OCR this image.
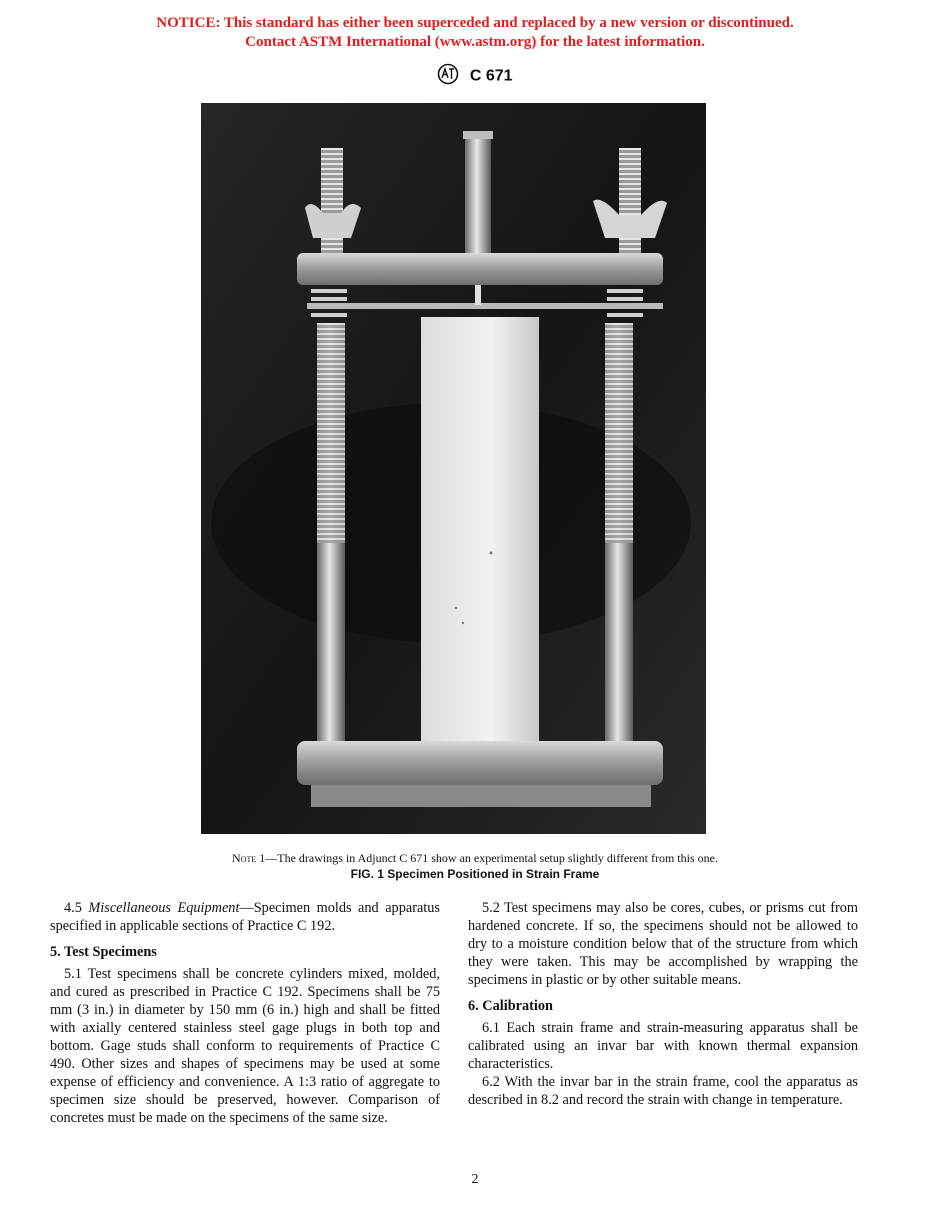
NOTICE: This standard has either been superceded and replaced by a new version or discontinued.
Contact ASTM International (www.astm.org) for the latest information.
C 671
Note 1—The drawings in Adjunct C 671 show an experimental setup slightly different from this one.
FIG. 1 Specimen Positioned in Strain Frame

4.5 Miscellaneous Equipment—Specimen molds and apparatus specified in applicable sections of Practice C 192.

5. Test Specimens

5.1 Test specimens shall be concrete cylinders mixed, molded, and cured as prescribed in Practice C 192. Specimens shall be 75 mm (3 in.) in diameter by 150 mm (6 in.) high and shall be fitted with axially centered stainless steel gage plugs in both top and bottom. Gage studs shall conform to requirements of Practice C 490. Other sizes and shapes of specimens may be used at some expense of efficiency and convenience. A 1:3 ratio of aggregate to specimen size should be preserved, however. Comparison of concretes must be made on the specimens of the same size.

5.2 Test specimens may also be cores, cubes, or prisms cut from hardened concrete. If so, the specimens should not be allowed to dry to a moisture condition below that of the structure from which they were taken. This may be accomplished by wrapping the specimens in plastic or by other suitable means.

6. Calibration

6.1 Each strain frame and strain-measuring apparatus shall be calibrated using an invar bar with known thermal expansion characteristics.

6.2 With the invar bar in the strain frame, cool the apparatus as described in 8.2 and record the strain with change in temperature.

2
